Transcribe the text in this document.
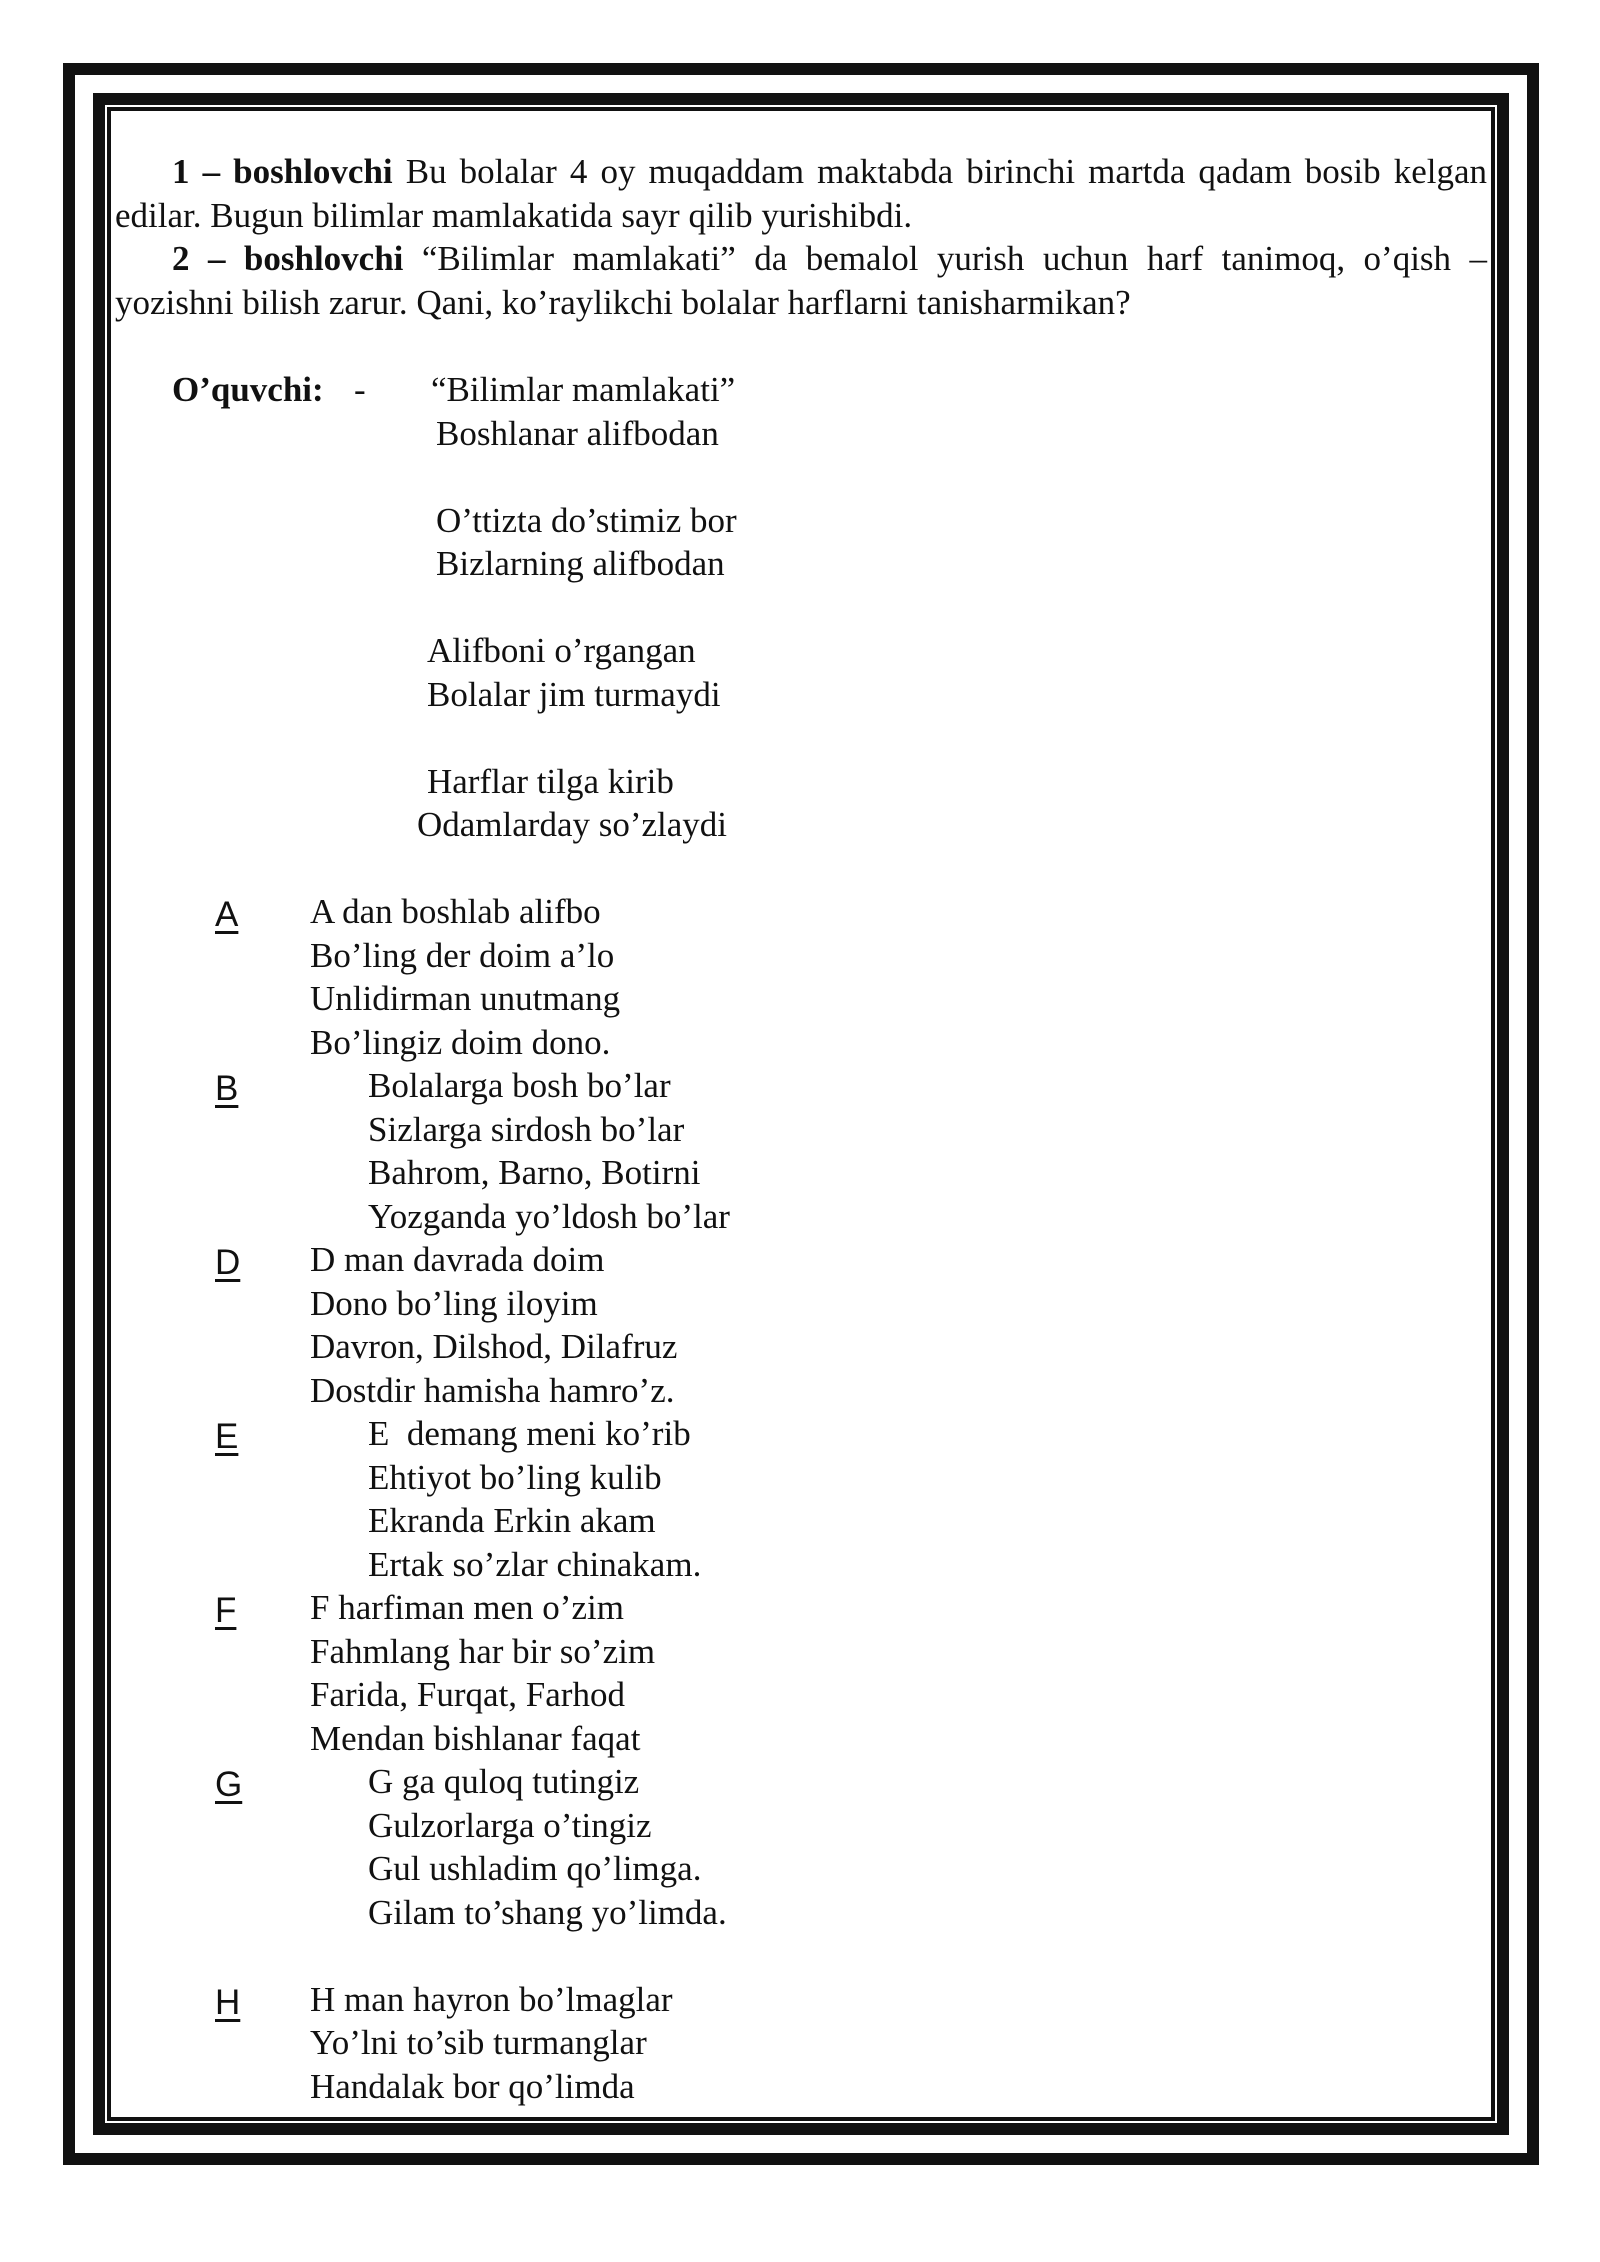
1 – boshlovchi Bu bolalar 4 oy muqaddam maktabda birinchi martda qadam bosib kelgan edilar. Bugun bilimlar mamlakatida sayr qilib yurishibdi.

2 – boshlovchi “Bilimlar mamlakati” da bemalol yurish uchun harf tanimoq, o’qish – yozishni bilish zarur. Qani, ko’raylikchi bolalar harflarni tanisharmikan?

O’quvchi: - “Bilimlar mamlakati”
Boshlanar alifbodan
O’ttizta do’stimiz bor
Bizlarning alifbodan
Alifboni o’rgangan
Bolalar jim turmaydi
Harflar tilga kirib
Odamlarday so’zlaydi
A A dan boshlab alifbo
Bo’ling der doim a’lo
Unlidirman unutmang
Bo’lingiz doim dono.
B	Bolalarga bosh bo’lar
Sizlarga sirdosh bo’lar
Bahrom, Barno, Botirni
Yozganda yo’ldosh bo’lar
D D man davrada doim
Dono bo’ling iloyim
Davron, Dilshod, Dilafruz
Dostdir hamisha hamro’z.
E	E  demang meni ko’rib
Ehtiyot bo’ling kulib
Ekranda Erkin akam
Ertak so’zlar chinakam.
F F harfiman men o’zim
Fahmlang har bir so’zim
Farida, Furqat, Farhod
Mendan bishlanar faqat
G	G ga quloq tutingiz
Gulzorlarga o’tingiz
Gul ushladim qo’limga.
Gilam to’shang yo’limda.
H H man hayron bo’lmaglar
Yo’lni to’sib turmanglar
Handalak bor qo’limda
